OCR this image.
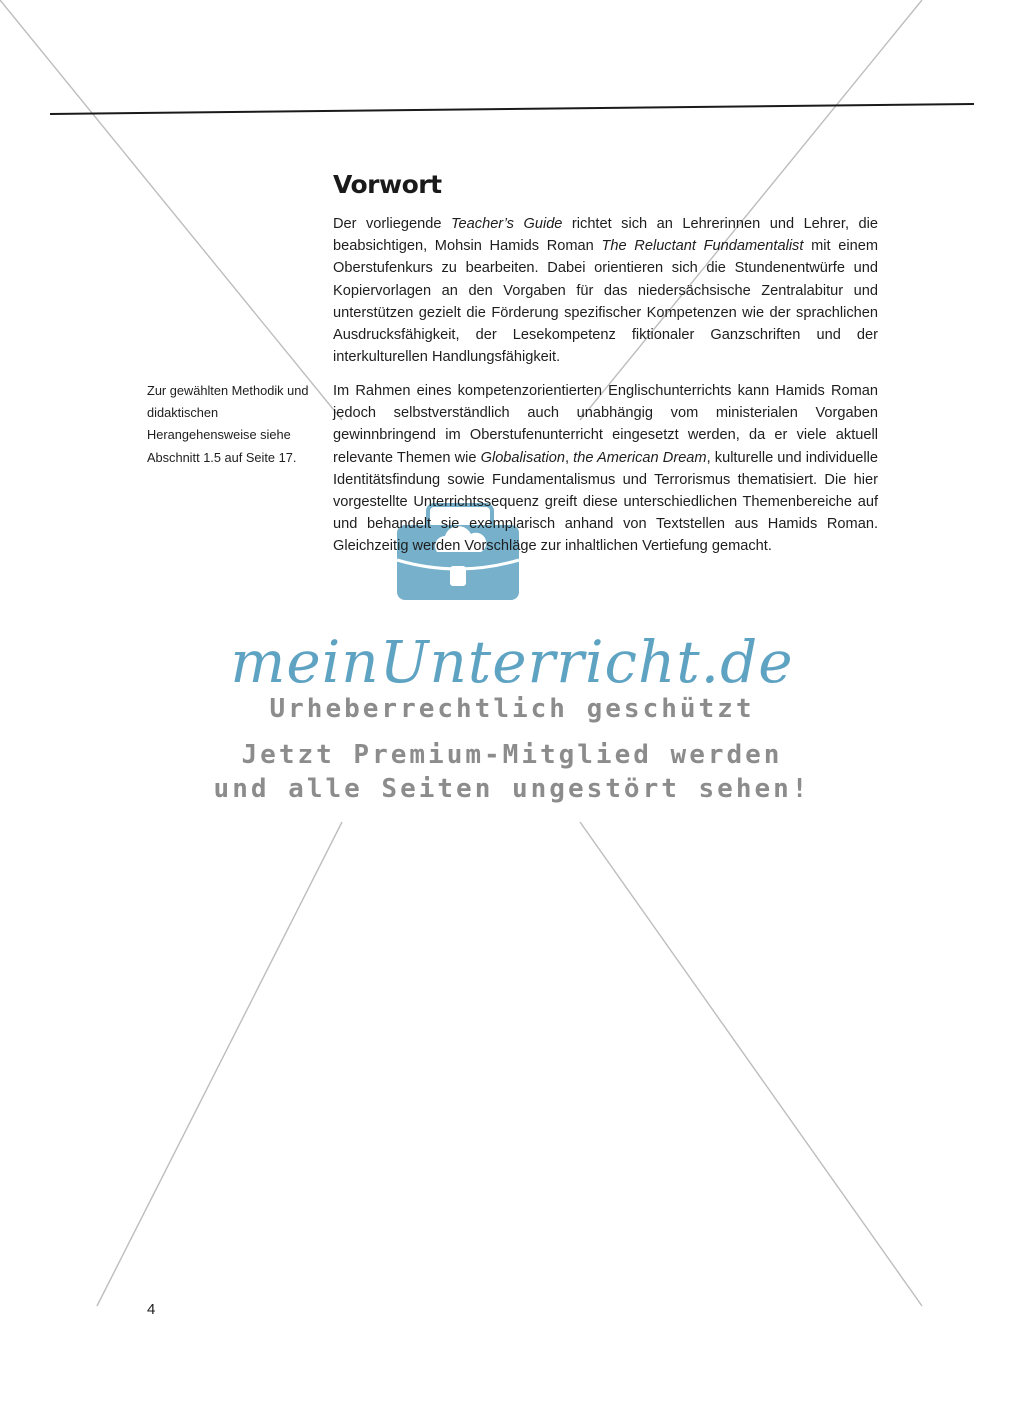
Vorwort

Der vorliegende Teacher’s Guide richtet sich an Lehrerinnen und Lehrer, die beabsichtigen, Mohsin Hamids Roman The Reluctant Fundamentalist mit einem Oberstufenkurs zu bearbeiten. Dabei orientieren sich die Stundenentwürfe und Kopiervorlagen an den Vorgaben für das niedersächsische Zentralabitur und unterstützen gezielt die Förderung spezifischer Kompetenzen wie der sprachlichen Ausdrucksfähigkeit, der Lesekompetenz fiktionaler Ganzschriften und der interkulturellen Handlungsfähigkeit.

Zur gewählten Methodik und didaktischen Herangehensweise siehe Abschnitt 1.5 auf Seite 17.

Im Rahmen eines kompetenzorientierten Englischunterrichts kann Hamids Roman jedoch selbstverständlich auch unabhängig vom ministerialen Vorgaben gewinnbringend im Oberstufenunterricht eingesetzt werden, da er viele aktuell relevante Themen wie Globalisation, the American Dream, kulturelle und individuelle Identitätsfindung sowie Fundamentalismus und Terrorismus thematisiert. Die hier vorgestellte Unterrichtssequenz greift diese unterschiedlichen Themenbereiche auf und behandelt sie exemplarisch anhand von Textstellen aus Hamids Roman. Gleichzeitig werden Vorschläge zur inhaltlichen Vertiefung gemacht.

meinUnterricht.de
Urheberrechtlich geschützt
Jetzt Premium-Mitglied werden
und alle Seiten ungestört sehen!
4
